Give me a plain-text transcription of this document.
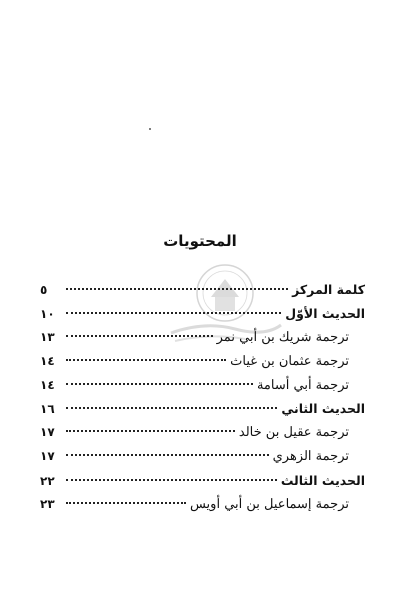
المحتويات
كلمة المركز
٥
الحديث الأوّل
١٠
ترجمة شريك بن أبي نمر
١٣
ترجمة عثمان بن غياث
١٤
ترجمة أبي أسامة
١٤
الحديث الثاني
١٦
ترجمة عقيل بن خالد
١٧
ترجمة الزهري
١٧
الحديث الثالث
٢٢
ترجمة إسماعيل بن أبي أويس
٢٣
